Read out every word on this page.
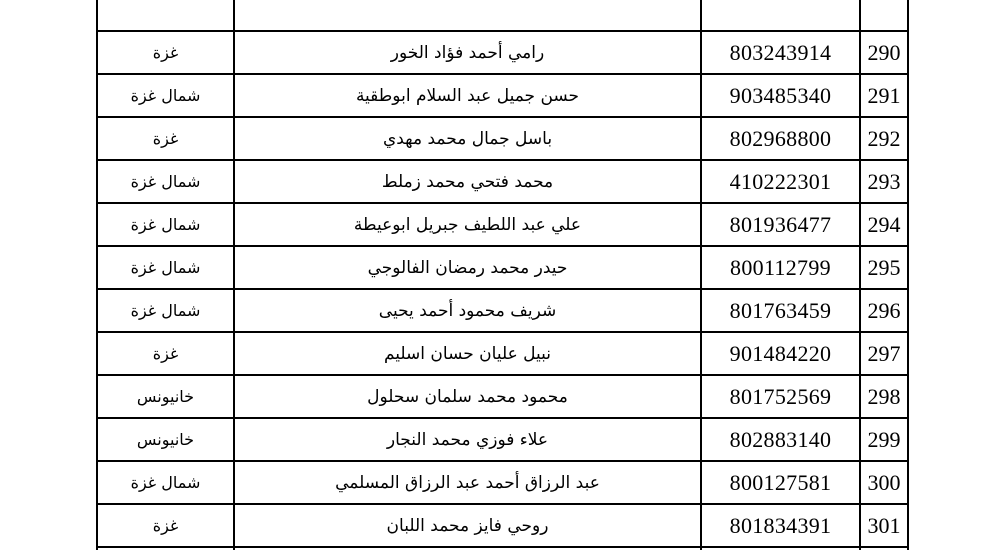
غزة	رامي أحمد فؤاد الخور	803243914	290
شمال غزة	حسن جميل عبد السلام ابوطقية	903485340	291
غزة	باسل جمال محمد مهدي	802968800	292
شمال غزة	محمد فتحي محمد زملط	410222301	293
شمال غزة	علي عبد اللطيف جبريل ابوعيطة	801936477	294
شمال غزة	حيدر محمد رمضان الفالوجي	800112799	295
شمال غزة	شريف محمود أحمد يحيى	801763459	296
غزة	نبيل عليان حسان اسليم	901484220	297
خانيونس	محمود محمد سلمان سحلول	801752569	298
خانيونس	علاء فوزي محمد النجار	802883140	299
شمال غزة	عبد الرزاق أحمد عبد الرزاق المسلمي	800127581	300
غزة	روحي فايز محمد اللبان	801834391	301
